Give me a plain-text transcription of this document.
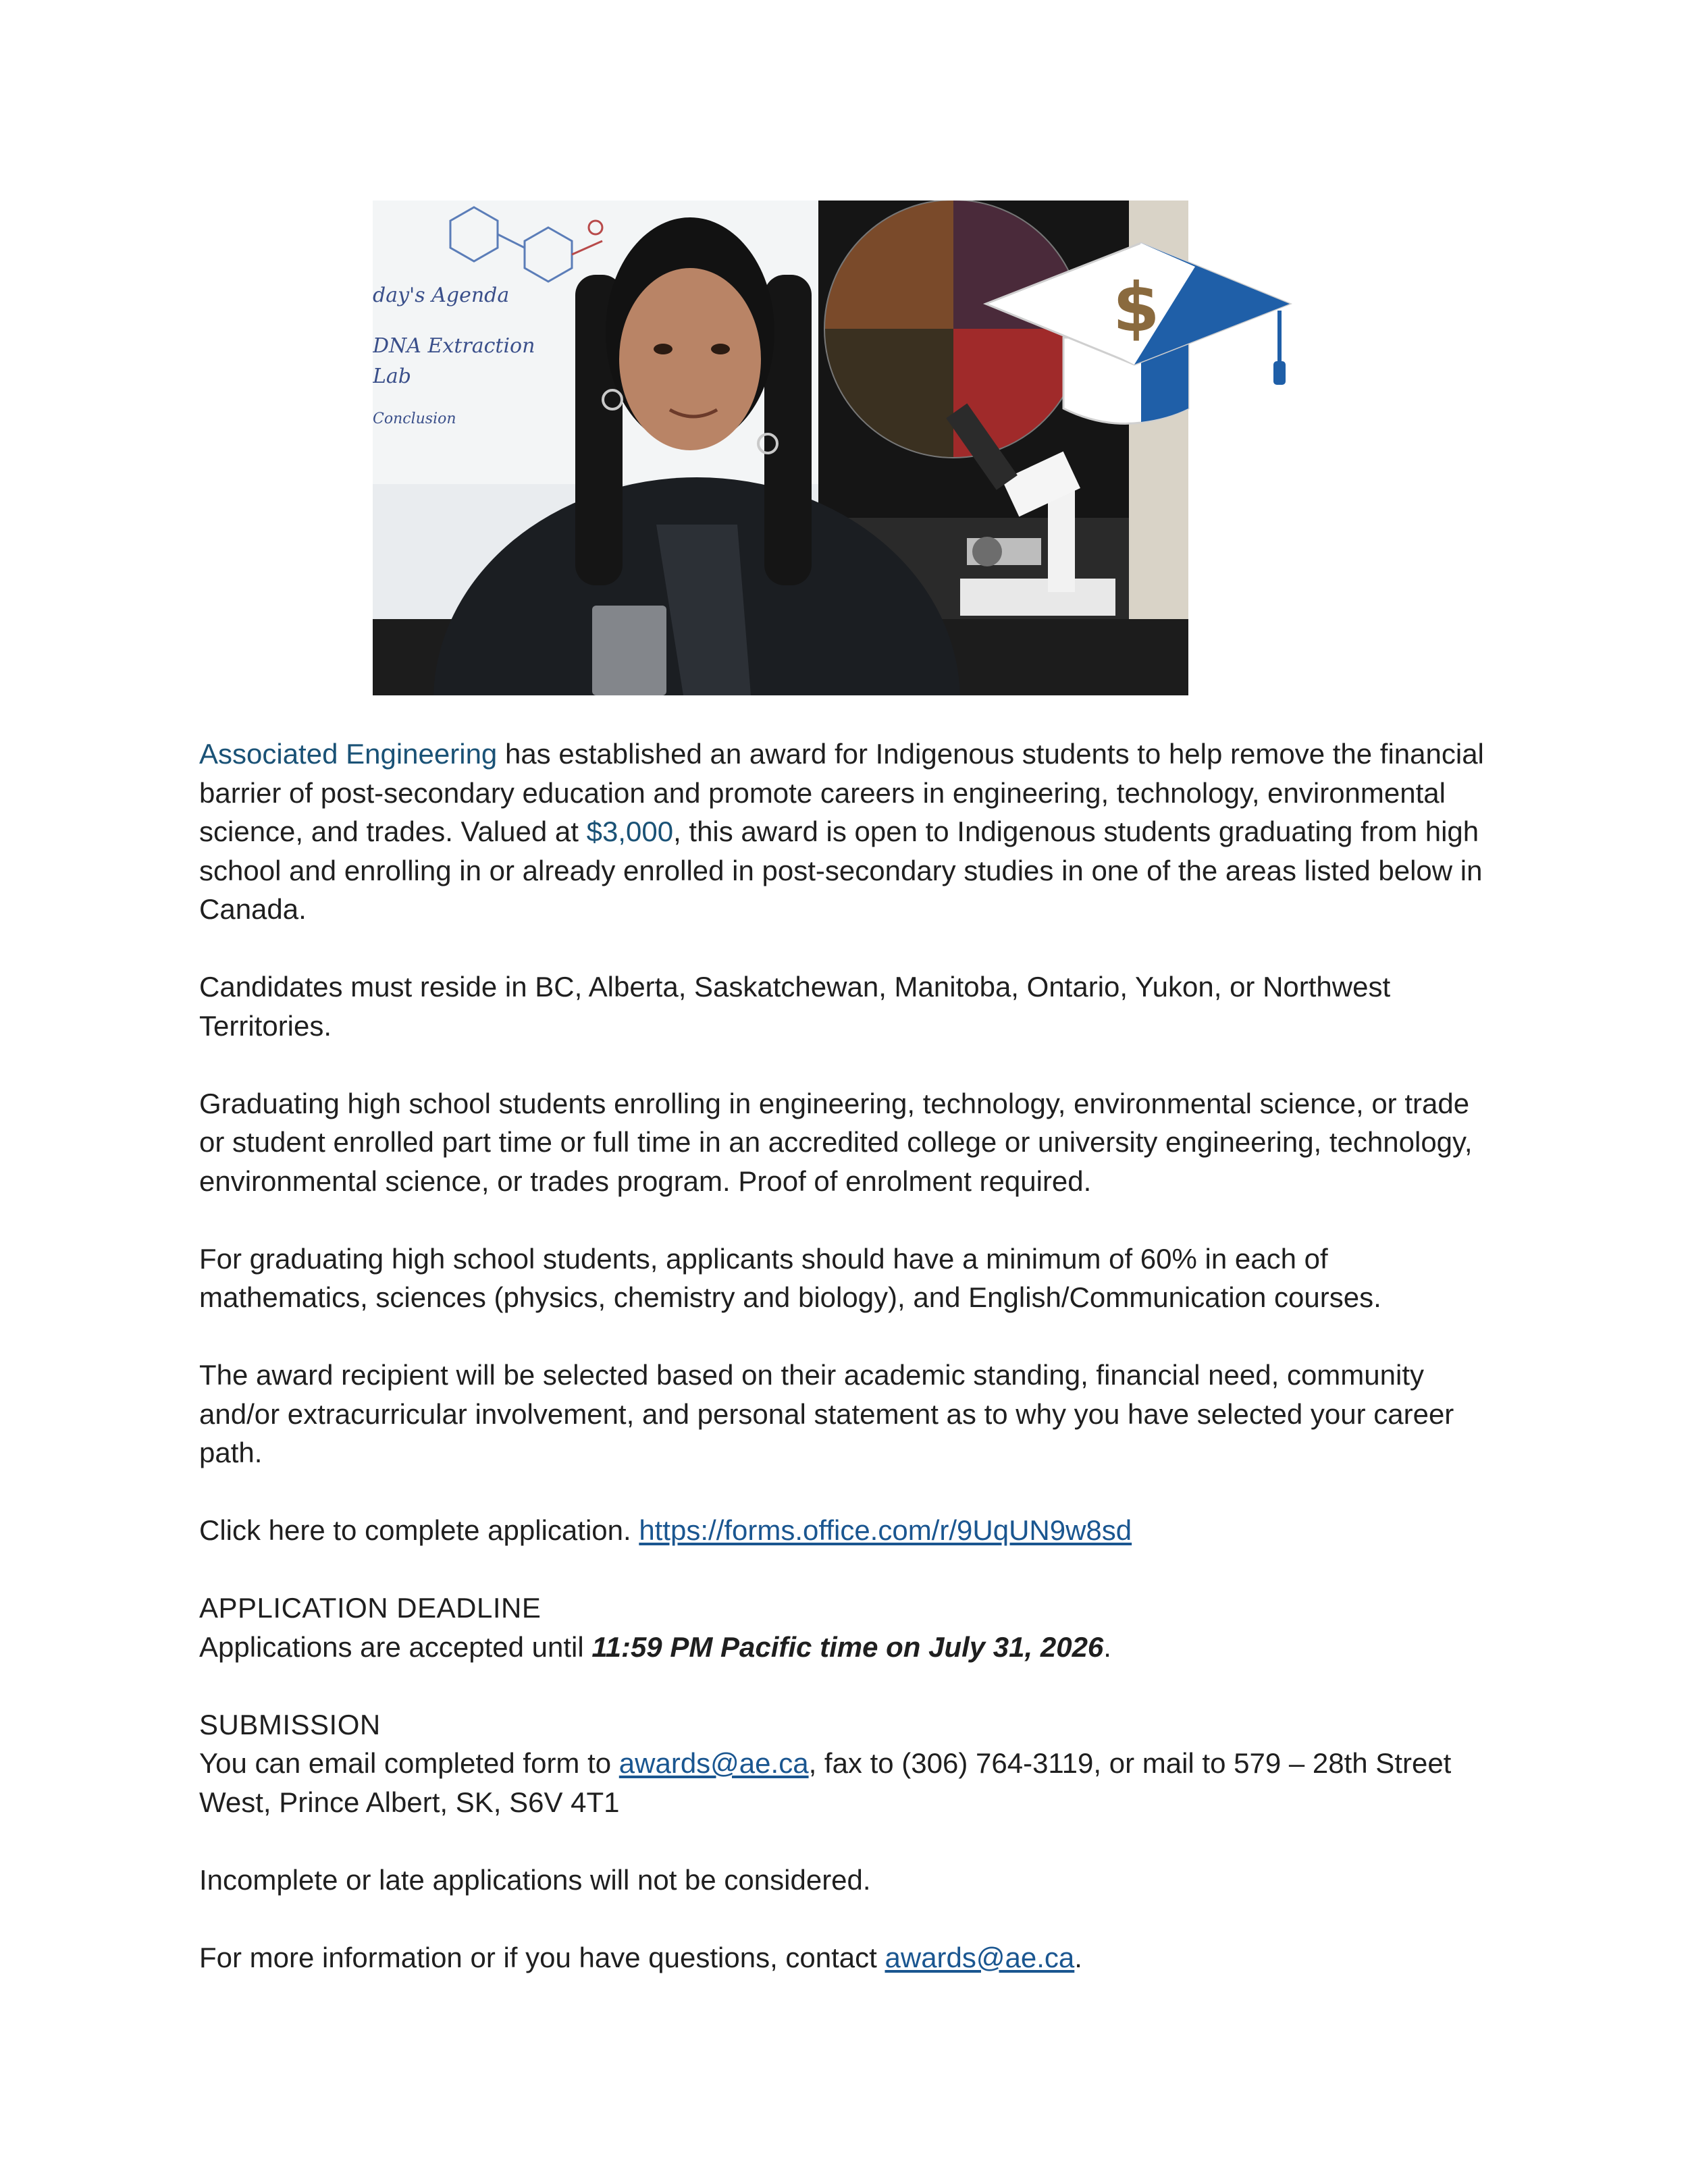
day's Agenda
DNA Extraction
Lab
Conclusion
$

Associated Engineering has established an award for Indigenous students to help remove the financial barrier of post-secondary education and promote careers in engineering, technology, environmental science, and trades. Valued at $3,000, this award is open to Indigenous students graduating from high school and enrolling in or already enrolled in post-secondary studies in one of the areas listed below in Canada.

Candidates must reside in BC, Alberta, Saskatchewan, Manitoba, Ontario, Yukon, or Northwest Territories.

Graduating high school students enrolling in engineering, technology, environmental science, or trade or student enrolled part time or full time in an accredited college or university engineering, technology, environmental science, or trades program. Proof of enrolment required.

For graduating high school students, applicants should have a minimum of 60% in each of mathematics, sciences (physics, chemistry and biology), and English/Communication courses.

The award recipient will be selected based on their academic standing, financial need, community and/or extracurricular involvement, and personal statement as to why you have selected your career path.

Click here to complete application. https://forms.office.com/r/9UqUN9w8sd

APPLICATION DEADLINE

Applications are accepted until 11:59 PM Pacific time on July 31, 2026.

SUBMISSION

You can email completed form to awards@ae.ca, fax to (306) 764-3119, or mail to 579 – 28th Street West, Prince Albert, SK, S6V 4T1

Incomplete or late applications will not be considered.

For more information or if you have questions, contact awards@ae.ca.
